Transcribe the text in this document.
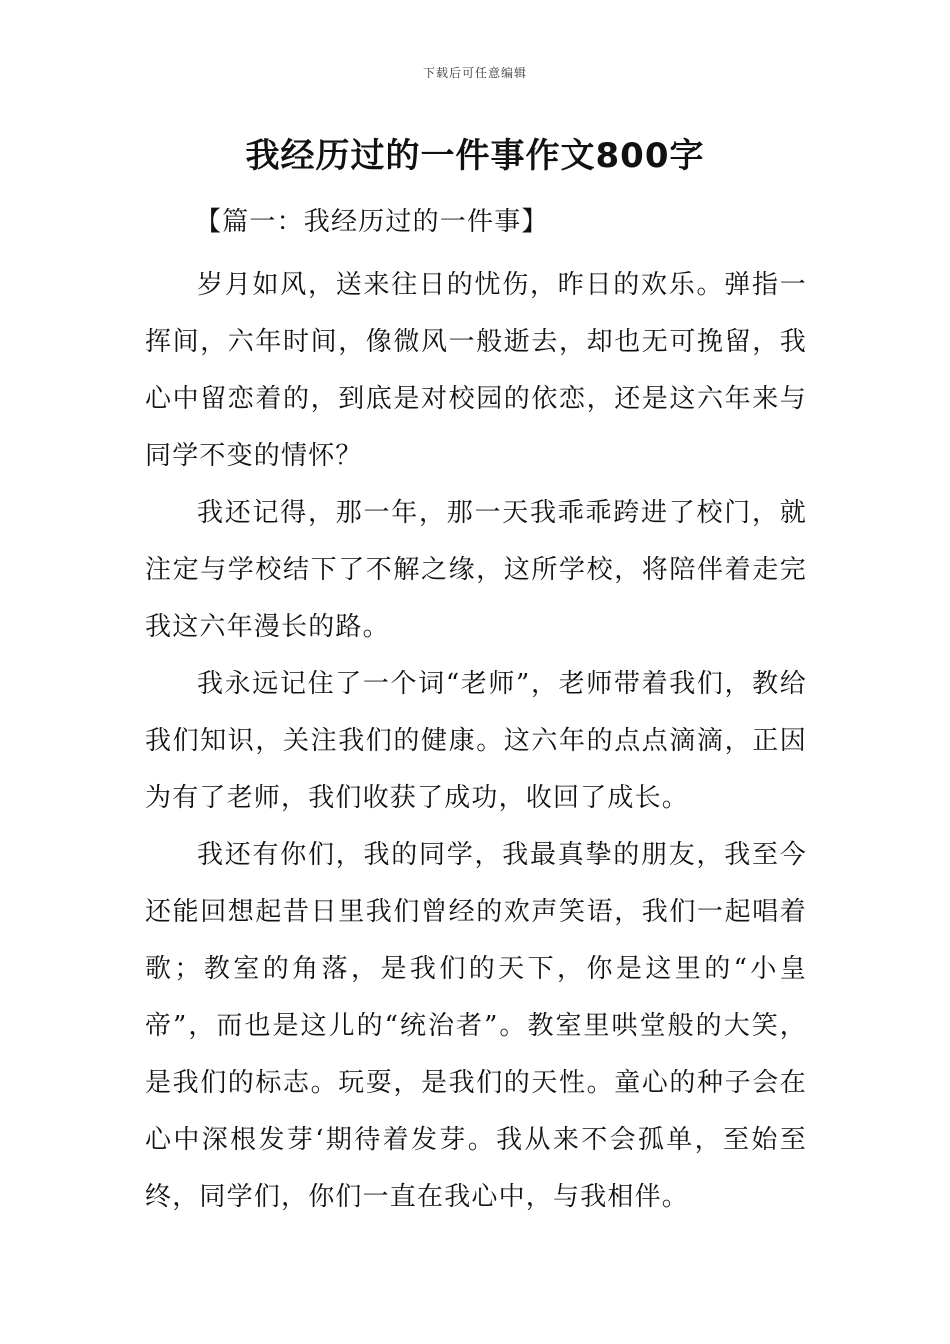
下载后可任意编辑
我经历过的一件事作文800字
【篇一：我经历过的一件事】

岁月如风，送来往日的忧伤，昨日的欢乐。弹指一挥间，六年时间，像微风一般逝去，却也无可挽留，我心中留恋着的，到底是对校园的依恋，还是这六年来与同学不变的情怀？

我还记得，那一年，那一天我乖乖跨进了校门，就注定与学校结下了不解之缘，这所学校，将陪伴着走完我这六年漫长的路。

我永远记住了一个词“老师”，老师带着我们，教给我们知识，关注我们的健康。这六年的点点滴滴，正因为有了老师，我们收获了成功，收回了成长。

我还有你们，我的同学，我最真挚的朋友，我至今还能回想起昔日里我们曾经的欢声笑语，我们一起唱着歌；教室的角落，是我们的天下，你是这里的“小皇帝”，而也是这儿的“统治者”。教室里哄堂般的大笑，是我们的标志。玩耍，是我们的天性。童心的种子会在心中深根发芽‘期待着发芽。我从来不会孤单，至始至终，同学们，你们一直在我心中，与我相伴。
